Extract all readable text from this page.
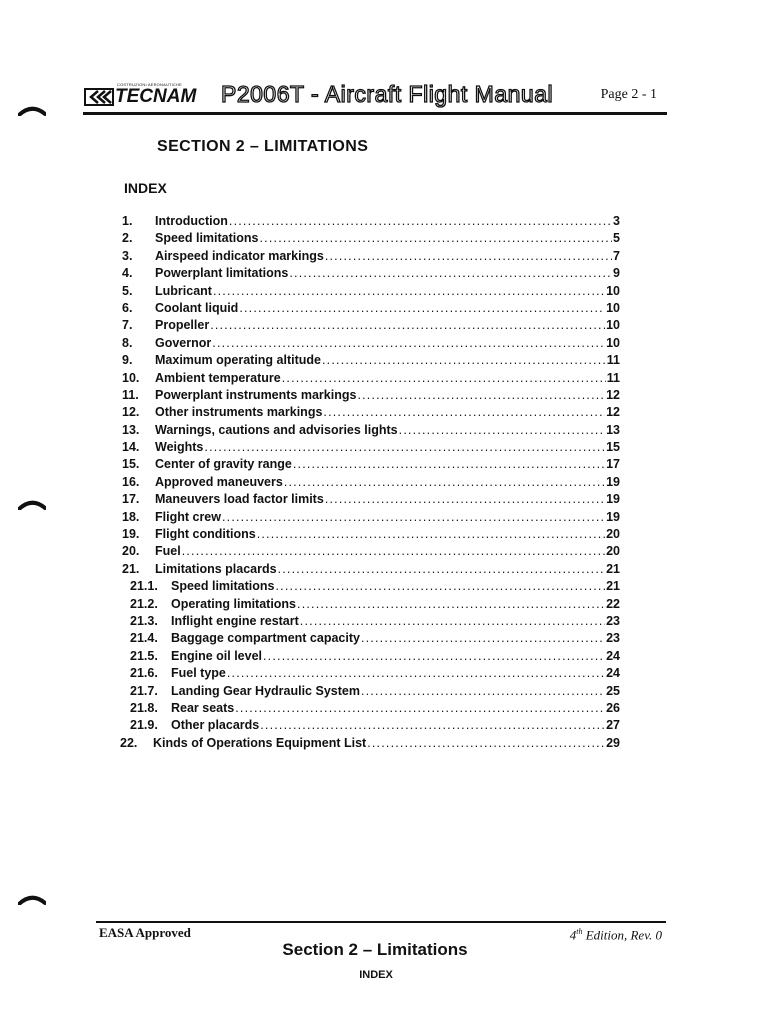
COSTRUZIONI AERONAUTICHE
TECNAM P2006T - Aircraft Flight Manual	Page 2 - 1
SECTION 2 – LIMITATIONS
INDEX
1. Introduction .....	3
2. Speed limitations .....	5
3. Airspeed indicator markings .....	7
4. Powerplant limitations .....	9
5. Lubricant .....	10
6. Coolant liquid .....	10
7. Propeller .....	10
8. Governor .....	10
9. Maximum operating altitude .....	11
10. Ambient temperature .....	11
11. Powerplant instruments markings .....	12
12. Other instruments markings .....	12
13. Warnings, cautions and advisories lights .....	13
14. Weights .....	15
15. Center of gravity range .....	17
16. Approved maneuvers .....	19
17. Maneuvers load factor limits .....	19
18. Flight crew .....	19
19. Flight conditions .....	20
20. Fuel .....	20
21. Limitations placards .....	21
21.1. Speed limitations .....	21
21.2. Operating limitations .....	22
21.3. Inflight engine restart .....	23
21.4. Baggage compartment capacity .....	23
21.5. Engine oil level .....	24
21.6. Fuel type .....	24
21.7. Landing Gear Hydraulic System .....	25
21.8. Rear seats .....	26
21.9. Other placards .....	27
22. Kinds of Operations Equipment List .....	29
EASA Approved	4th Edition, Rev. 0
Section 2 – Limitations
INDEX
